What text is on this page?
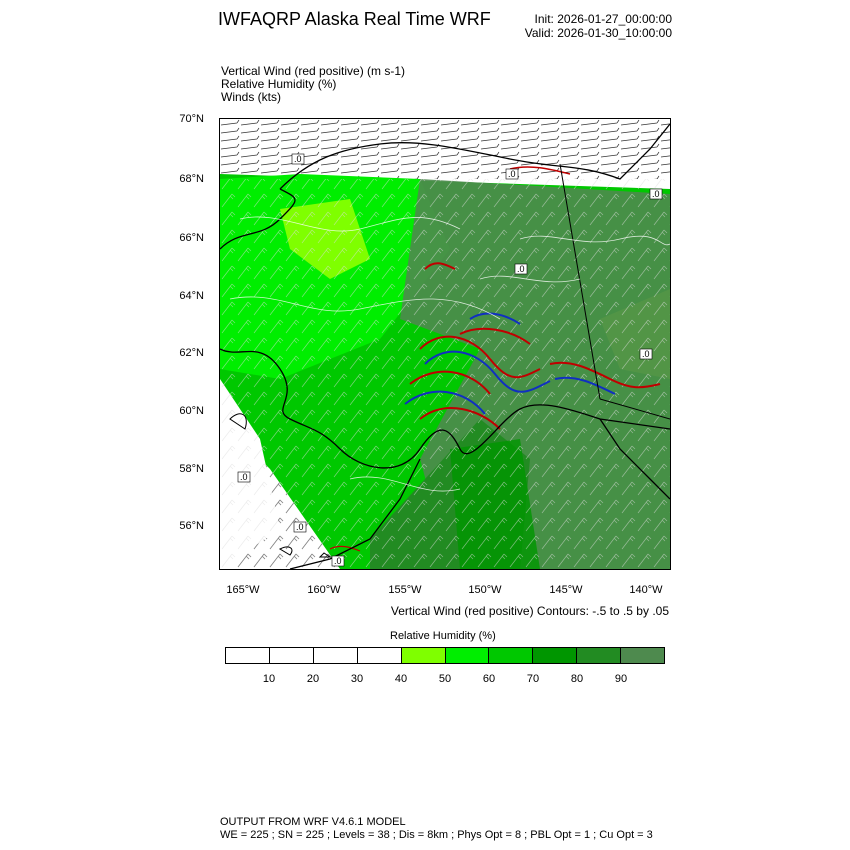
IWFAQRP Alaska Real Time WRF	Init: 2026-01-27_00:00:00
Valid: 2026-01-30_10:00:00
Vertical Wind (red positive) (m s-1)
Relative Humidity (%)
Winds (kts)
70°N
68°N
66°N
64°N
62°N
60°N
58°N
56°N
165°W	160°W	155°W	150°W	145°W	140°W
.0
.0
.0
.0
.0
.0
.0
.0
Vertical Wind (red positive) Contours: -.5 to .5 by .05
Relative Humidity (%)
10	20	30	40	50	60	70	80	90
OUTPUT FROM WRF V4.6.1 MODEL
WE = 225 ; SN = 225 ; Levels = 38 ; Dis = 8km ; Phys Opt = 8 ; PBL Opt = 1 ; Cu Opt = 3
